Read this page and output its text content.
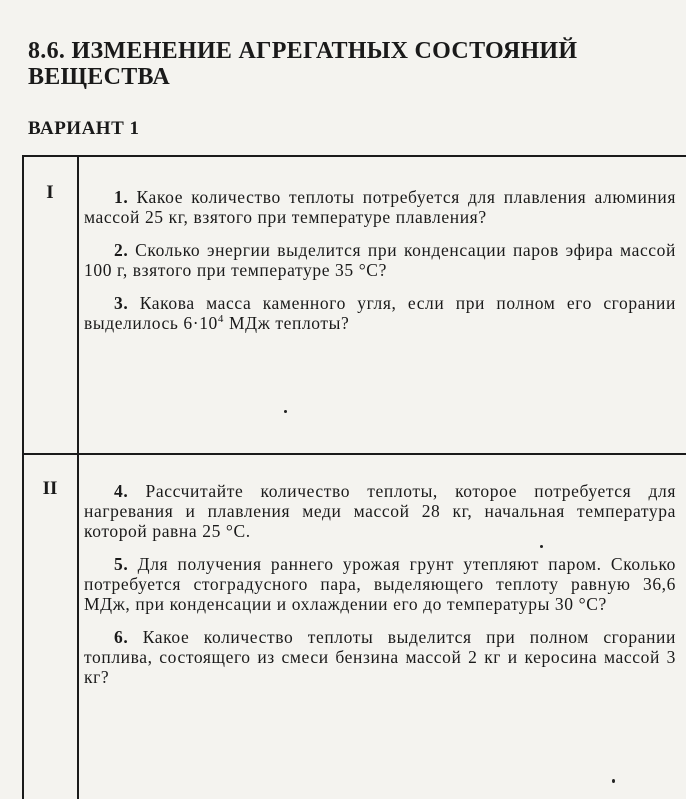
8.6. ИЗМЕНЕНИЕ АГРЕГАТНЫХ СОСТОЯНИЙ ВЕЩЕСТВА
ВАРИАНТ 1
I
II

1. Какое количество теплоты потребуется для плавления алюминия массой 25 кг, взятого при температуре плавления?

2. Сколько энергии выделится при конденсации паров эфира массой 100 г, взятого при температуре 35 °C?

3. Какова масса каменного угля, если при полном его сгорании выделилось $6\cdot 10^4$ МДж теплоты?

4. Рассчитайте количество теплоты, которое потребуется для нагревания и плавления меди массой 28 кг, начальная температура которой равна 25 °C.

5. Для получения раннего урожая грунт утепляют паром. Сколько потребуется стоградусного пара, выделяющего теплоту равную 36,6 МДж, при конденсации и охлаждении его до температуры 30 °C?

6. Какое количество теплоты выделится при полном сгорании топлива, состоящего из смеси бензина массой 2 кг и керосина массой 3 кг?
